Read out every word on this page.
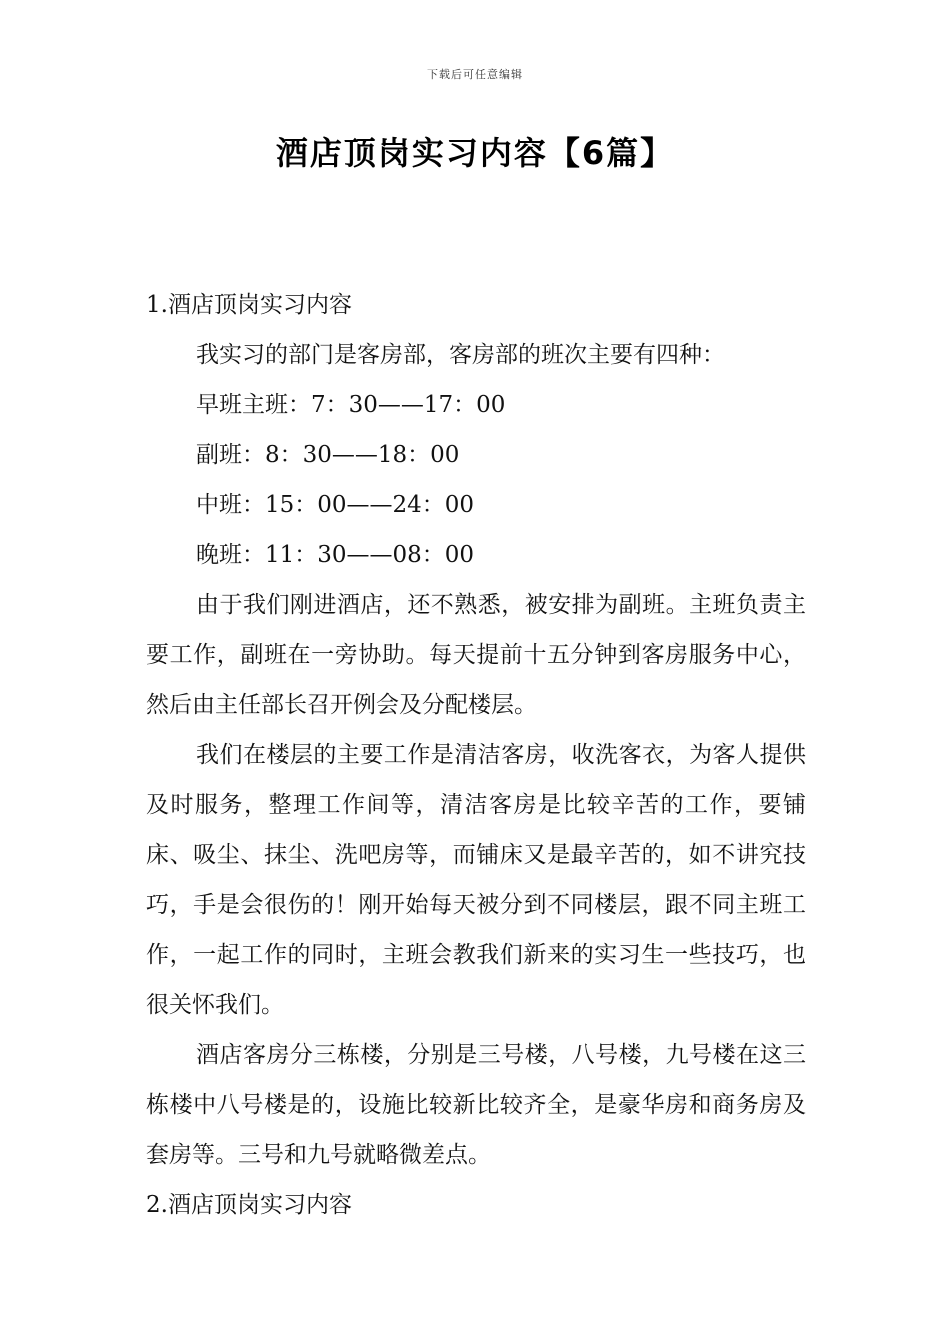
下载后可任意编辑
酒店顶岗实习内容【6篇】
1.酒店顶岗实习内容
我实习的部门是客房部，客房部的班次主要有四种：
早班主班：7：30——17：00
副班：8：30——18：00
中班：15：00——24：00
晚班：11：30——08：00
由于我们刚进酒店，还不熟悉，被安排为副班。主班负责主要工作，副班在一旁协助。每天提前十五分钟到客房服务中心，然后由主任部长召开例会及分配楼层。
我们在楼层的主要工作是清洁客房，收洗客衣，为客人提供及时服务，整理工作间等，清洁客房是比较辛苦的工作，要铺床、吸尘、抹尘、洗吧房等，而铺床又是最辛苦的，如不讲究技巧，手是会很伤的！刚开始每天被分到不同楼层，跟不同主班工作，一起工作的同时，主班会教我们新来的实习生一些技巧，也很关怀我们。
酒店客房分三栋楼，分别是三号楼，八号楼，九号楼在这三栋楼中八号楼是的，设施比较新比较齐全，是豪华房和商务房及套房等。三号和九号就略微差点。
2.酒店顶岗实习内容
